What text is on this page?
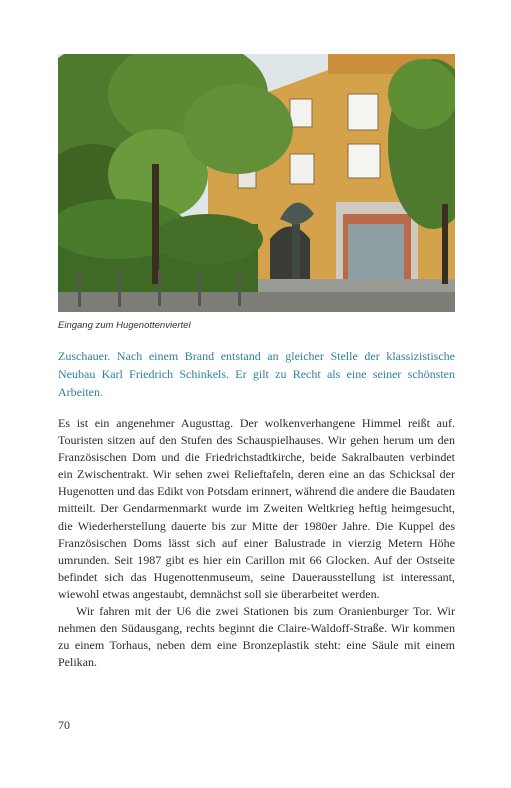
Eingang zum Hugenottenviertel

Zuschauer. Nach einem Brand entstand an gleicher Stelle der klassizistische Neubau Karl Friedrich Schinkels. Er gilt zu Recht als eine seiner schönsten Arbeiten.

Es ist ein angenehmer Augusttag. Der wolkenverhangene Himmel reißt auf. Touristen sitzen auf den Stufen des Schauspielhauses. Wir gehen herum um den Französischen Dom und die Friedrichstadtkirche, beide Sakralbauten verbindet ein Zwischentrakt. Wir sehen zwei Relieftafeln, deren eine an das Schicksal der Hugenotten und das Edikt von Potsdam erinnert, während die andere die Baudaten mitteilt. Der Gendarmenmarkt wurde im Zweiten Weltkrieg heftig heimgesucht, die Wiederherstellung dauerte bis zur Mitte der 1980er Jahre. Die Kuppel des Französischen Doms lässt sich auf einer Balustrade in vierzig Metern Höhe umrunden. Seit 1987 gibt es hier ein Carillon mit 66 Glocken. Auf der Ostseite befindet sich das Hugenottenmuseum, seine Dauerausstellung ist interessant, wiewohl etwas angestaubt, demnächst soll sie überarbeitet werden.

Wir fahren mit der U6 die zwei Stationen bis zum Oranienburger Tor. Wir nehmen den Südausgang, rechts beginnt die Claire-Waldoff-Straße. Wir kommen zu einem Torhaus, neben dem eine Bronzeplastik steht: eine Säule mit einem Pelikan.

70
